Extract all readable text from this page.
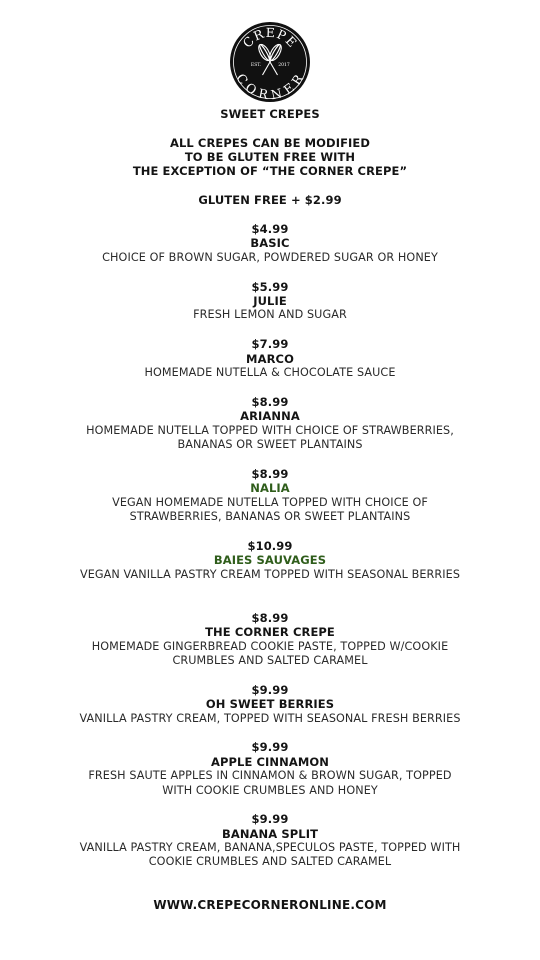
CREPE
CORNER
EST.	2017
SWEET CREPES
ALL CREPES CAN BE MODIFIED
TO BE GLUTEN FREE WITH
THE EXCEPTION OF “THE CORNER CREPE”
GLUTEN FREE + $2.99
$4.99
BASIC
CHOICE OF BROWN SUGAR, POWDERED SUGAR OR HONEY
$5.99
JULIE
FRESH LEMON AND SUGAR
$7.99
MARCO
HOMEMADE NUTELLA & CHOCOLATE SAUCE
$8.99
ARIANNA
HOMEMADE NUTELLA TOPPED WITH CHOICE OF STRAWBERRIES,
BANANAS OR SWEET PLANTAINS
$8.99
NALIA
VEGAN HOMEMADE NUTELLA TOPPED WITH CHOICE OF
STRAWBERRIES, BANANAS OR SWEET PLANTAINS
$10.99
BAIES SAUVAGES
VEGAN VANILLA PASTRY CREAM TOPPED WITH SEASONAL BERRIES
$8.99
THE CORNER CREPE
HOMEMADE GINGERBREAD COOKIE PASTE, TOPPED W/COOKIE
CRUMBLES AND SALTED CARAMEL
$9.99
OH SWEET BERRIES
VANILLA PASTRY CREAM, TOPPED WITH SEASONAL FRESH BERRIES
$9.99
APPLE CINNAMON
FRESH SAUTE APPLES IN CINNAMON & BROWN SUGAR, TOPPED
WITH COOKIE CRUMBLES AND HONEY
$9.99
BANANA SPLIT
VANILLA PASTRY CREAM, BANANA,SPECULOS PASTE, TOPPED WITH
COOKIE CRUMBLES AND SALTED CARAMEL
WWW.CREPECORNERONLINE.COM
